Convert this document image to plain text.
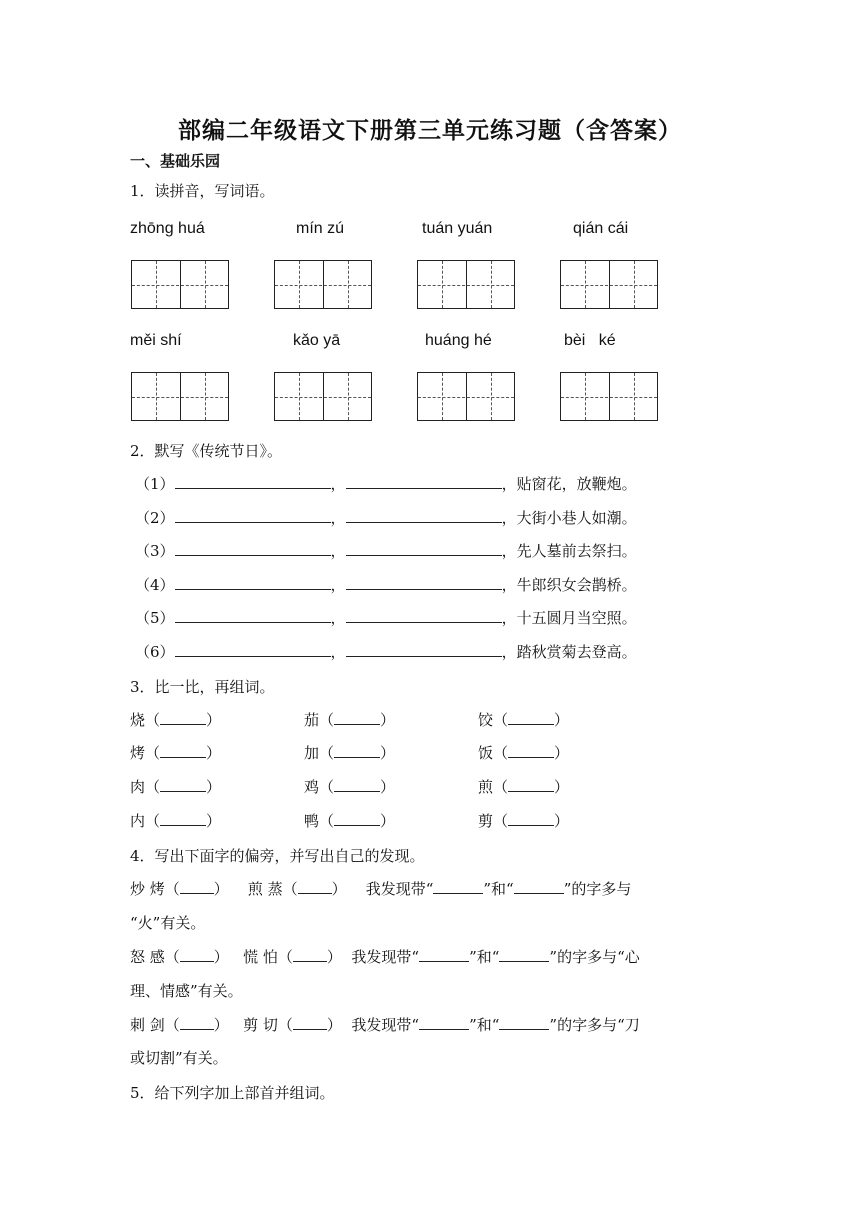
部编二年级语文下册第三单元练习题（含答案）
一、基础乐园
1．读拼音，写词语。
zhōng huá	mín zú	tuán yuán	qián cái
měi shí	kǎo yā	huáng hé	bèi   ké
2．默写《传统节日》。
（1）	，	，贴窗花，放鞭炮。
（2）	，	，大街小巷人如潮。
（3）	，	，先人墓前去祭扫。
（4）	，	，牛郎织女会鹊桥。
（5）	，	，十五圆月当空照。
（6）	，	，踏秋赏菊去登高。
3．比一比，再组词。
烧（	）	茄（	）	饺（	）
烤（	）	加（	）	饭（	）
肉（	）	鸡（	）	煎（	）
内（	）	鸭（	）	剪（	）
4．写出下面字的偏旁，并写出自己的发现。
炒 烤（ ）    煎 蒸（ ）    我发现带“	”和“	”的字多与
“火”有关。
怒 感（ ）   慌 怕（ ）  我发现带“	”和“	”的字多与“心
理、情感”有关。
刺 剑（ ）   剪 切（ ）  我发现带“	”和“	”的字多与“刀
或切割”有关。
5．给下列字加上部首并组词。
